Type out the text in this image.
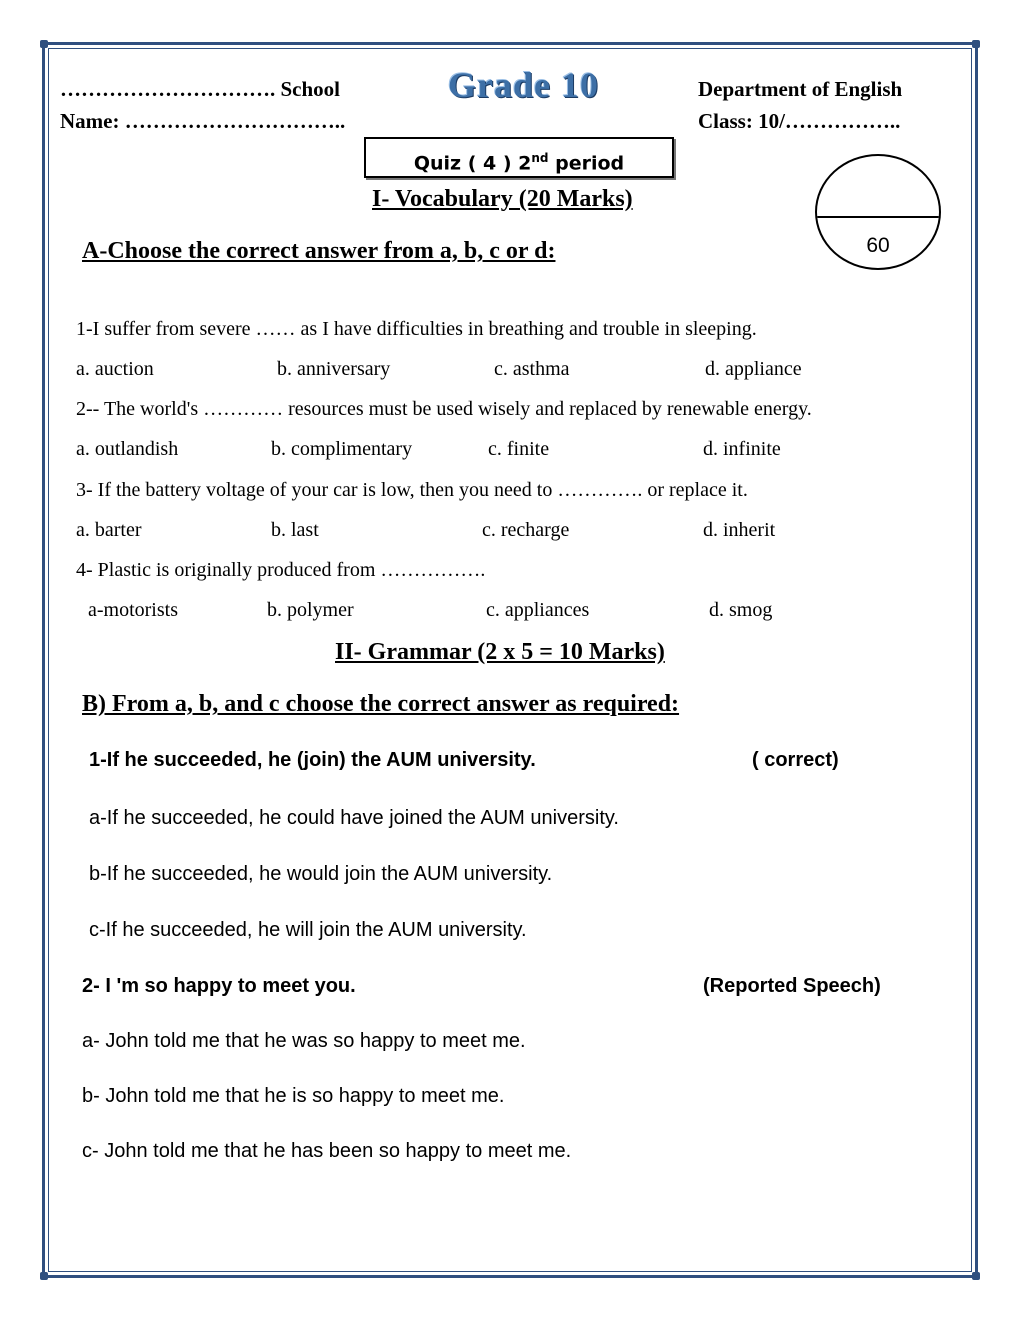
…………………………. School
Name: …………………………..
Grade 10	Department of English
Class: 10/……………..
Quiz ( 4 ) 2nd period
60
I- Vocabulary (20 Marks)
A-Choose the correct answer from a, b, c or d:
1-I suffer from severe …… as I have difficulties in breathing and trouble in sleeping.
a. auction	b. anniversary	c. asthma	d. appliance
2-- The world's ………… resources must be used wisely and replaced by renewable energy.
a. outlandish	b. complimentary	c. finite	d. infinite
3- If the battery voltage of your car is low, then you need to …………. or replace it.
a. barter	b. last	c. recharge	d. inherit
4- Plastic is originally produced from …………….
a-motorists	b. polymer	c. appliances	d. smog
II- Grammar (2 x 5 = 10 Marks)
B) From a, b, and c choose the correct answer as required:
1-If he succeeded, he (join) the AUM university.	( correct)
a-If he succeeded, he could have joined the AUM university.
b-If he succeeded, he would join the AUM university.
c-If he succeeded, he will join the AUM university.
2- I 'm so happy to meet you.	(Reported Speech)
a- John told me that he was so happy to meet me.
b- John told me that he is so happy to meet me.
c- John told me that he has been so happy to meet me.
